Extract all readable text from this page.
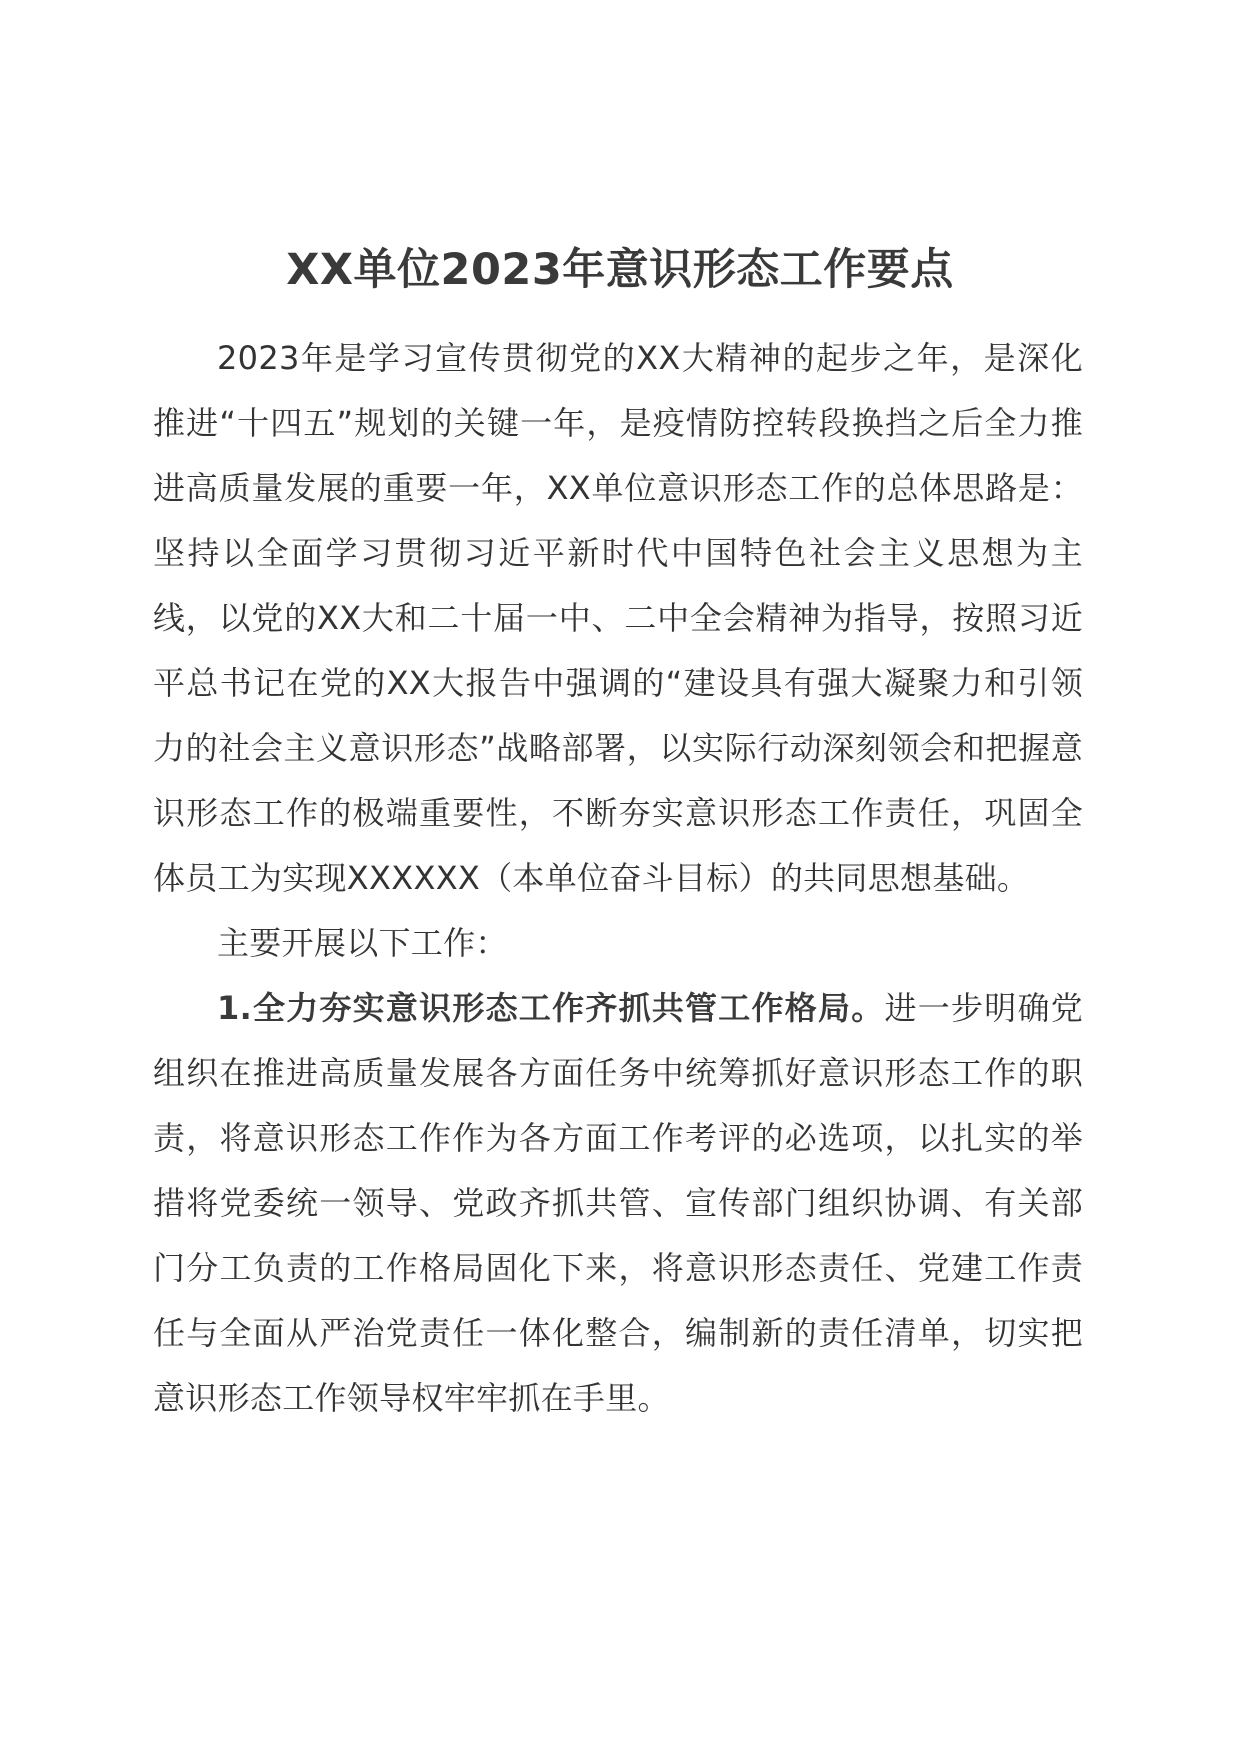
XX单位2023年意识形态工作要点

2023年是学习宣传贯彻党的XX大精神的起步之年，是深化推进“十四五”规划的关键一年，是疫情防控转段换挡之后全力推进高质量发展的重要一年，XX单位意识形态工作的总体思路是：坚持以全面学习贯彻习近平新时代中国特色社会主义思想为主线，以党的XX大和二十届一中、二中全会精神为指导，按照习近平总书记在党的XX大报告中强调的“建设具有强大凝聚力和引领力的社会主义意识形态”战略部署，以实际行动深刻领会和把握意识形态工作的极端重要性，不断夯实意识形态工作责任，巩固全体员工为实现XXXXXX（本单位奋斗目标）的共同思想基础。

主要开展以下工作：

1.全力夯实意识形态工作齐抓共管工作格局。进一步明确党组织在推进高质量发展各方面任务中统筹抓好意识形态工作的职责，将意识形态工作作为各方面工作考评的必选项，以扎实的举措将党委统一领导、党政齐抓共管、宣传部门组织协调、有关部门分工负责的工作格局固化下来，将意识形态责任、党建工作责任与全面从严治党责任一体化整合，编制新的责任清单，切实把意识形态工作领导权牢牢抓在手里。
